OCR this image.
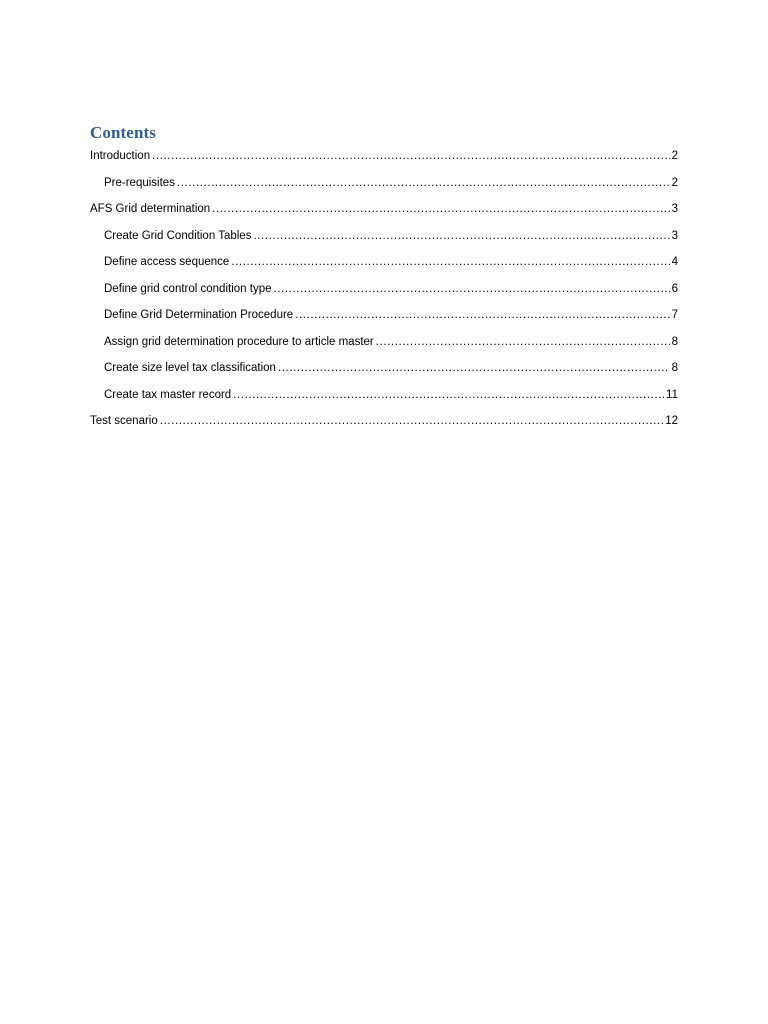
Contents
Introduction .....	2
Pre-requisites .....	2
AFS Grid determination .....	3
Create Grid Condition Tables .....	3
Define access sequence .....	4
Define grid control condition type .....	6
Define Grid Determination Procedure .....	7
Assign grid determination procedure to article master .....	8
Create size level tax classification .....	8
Create tax master record .....	11
Test scenario .....	12
